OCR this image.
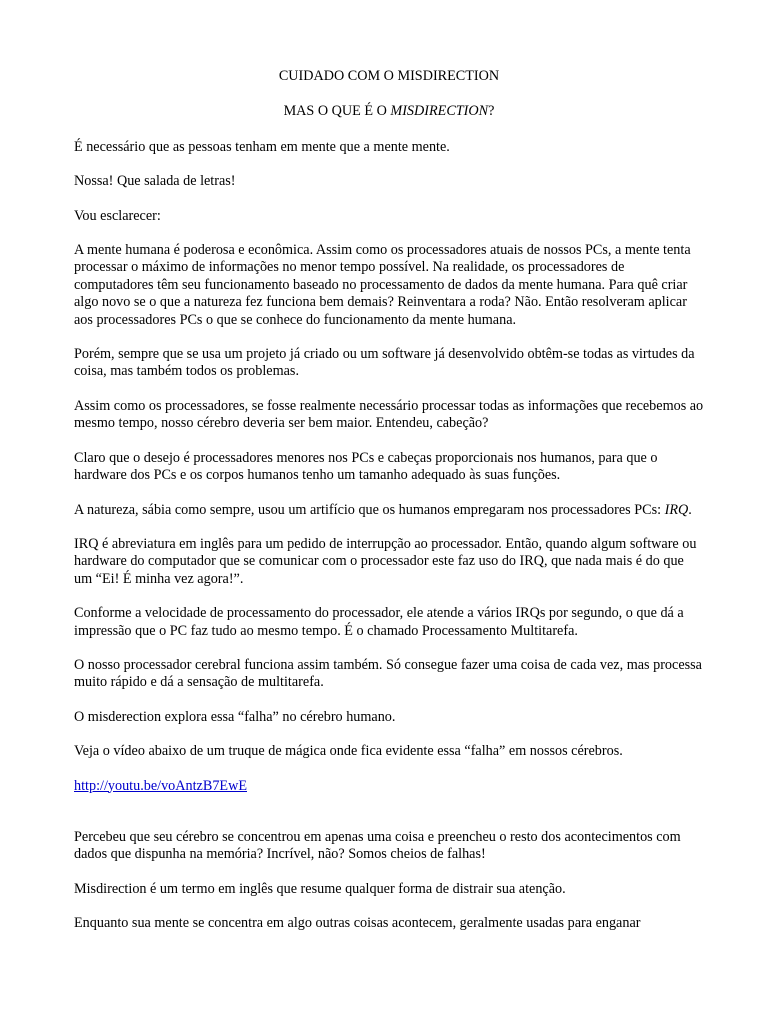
CUIDADO COM O MISDIRECTION
MAS O QUE É O MISDIRECTION?

É necessário que as pessoas tenham em mente que a mente mente.

Nossa! Que salada de letras!

Vou esclarecer:

A mente humana é poderosa e econômica. Assim como os processadores atuais de nossos PCs, a mente tenta processar o máximo de informações no menor tempo possível. Na realidade, os processadores de computadores têm seu funcionamento baseado no processamento de dados da mente humana. Para quê criar algo novo se o que a natureza fez funciona bem demais? Reinventara a roda? Não. Então resolveram aplicar aos processadores PCs o que se conhece do funcionamento da mente humana.

Porém, sempre que se usa um projeto já criado ou um software já desenvolvido obtêm-se todas as virtudes da coisa, mas também todos os problemas.

Assim como os processadores, se fosse realmente necessário processar todas as informações que recebemos ao mesmo tempo, nosso cérebro deveria ser bem maior. Entendeu, cabeção?

Claro que o desejo é processadores menores nos PCs e cabeças proporcionais nos humanos, para que o hardware dos PCs e os corpos humanos tenho um tamanho adequado às suas funções.

A natureza, sábia como sempre, usou um artifício que os humanos empregaram nos processadores PCs: IRQ.

IRQ é abreviatura em inglês para um pedido de interrupção ao processador. Então, quando algum software ou hardware do computador que se comunicar com o processador este faz uso do IRQ, que nada mais é do que um “Ei! É minha vez agora!”.

Conforme a velocidade de processamento do processador, ele atende a vários IRQs por segundo, o que dá a impressão que o PC faz tudo ao mesmo tempo. É o chamado Processamento Multitarefa.

O nosso processador cerebral funciona assim também. Só consegue fazer uma coisa de cada vez, mas processa muito rápido e dá a sensação de multitarefa.

O misderection explora essa “falha” no cérebro humano.

Veja o vídeo abaixo de um truque de mágica onde fica evidente essa “falha” em nossos cérebros.

http://youtu.be/voAntzB7EwE

Percebeu que seu cérebro se concentrou em apenas uma coisa e preencheu o resto dos acontecimentos com dados que dispunha na memória? Incrível, não? Somos cheios de falhas!

Misdirection é um termo em inglês que resume qualquer forma de distrair sua atenção.

Enquanto sua mente se concentra em algo outras coisas acontecem, geralmente usadas para enganar
